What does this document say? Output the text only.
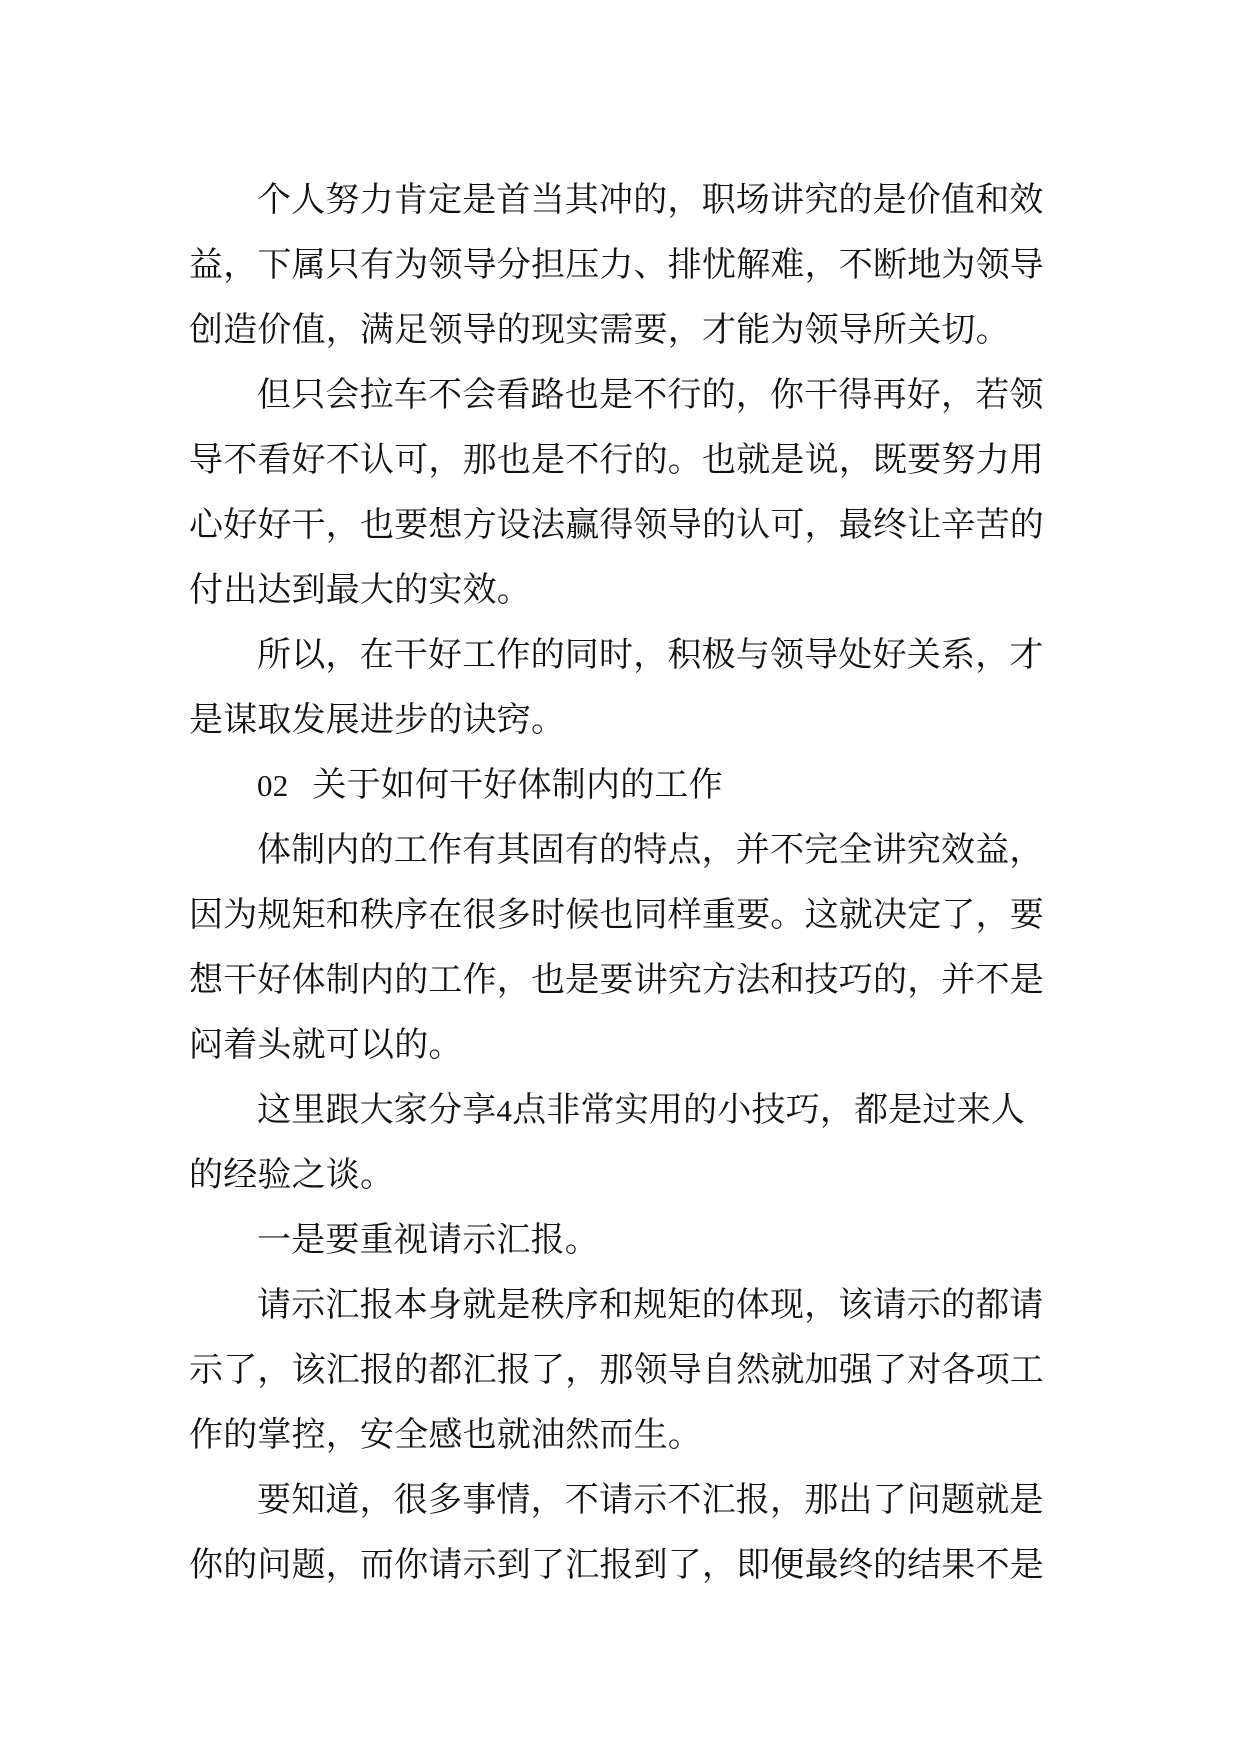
个人努力肯定是首当其冲的，职场讲究的是价值和效益，下属只有为领导分担压力、排忧解难，不断地为领导创造价值，满足领导的现实需要，才能为领导所关切。

但只会拉车不会看路也是不行的，你干得再好，若领导不看好不认可，那也是不行的。也就是说，既要努力用心好好干，也要想方设法赢得领导的认可，最终让辛苦的付出达到最大的实效。

所以，在干好工作的同时，积极与领导处好关系，才是谋取发展进步的诀窍。

02 关于如何干好体制内的工作

体制内的工作有其固有的特点，并不完全讲究效益，因为规矩和秩序在很多时候也同样重要。这就决定了，要想干好体制内的工作，也是要讲究方法和技巧的，并不是闷着头就可以的。

这里跟大家分享4点非常实用的小技巧，都是过来人的经验之谈。

一是要重视请示汇报。

请示汇报本身就是秩序和规矩的体现，该请示的都请示了，该汇报的都汇报了，那领导自然就加强了对各项工作的掌控，安全感也就油然而生。

要知道，很多事情，不请示不汇报，那出了问题就是你的问题，而你请示到了汇报到了，即便最终的结果不是
